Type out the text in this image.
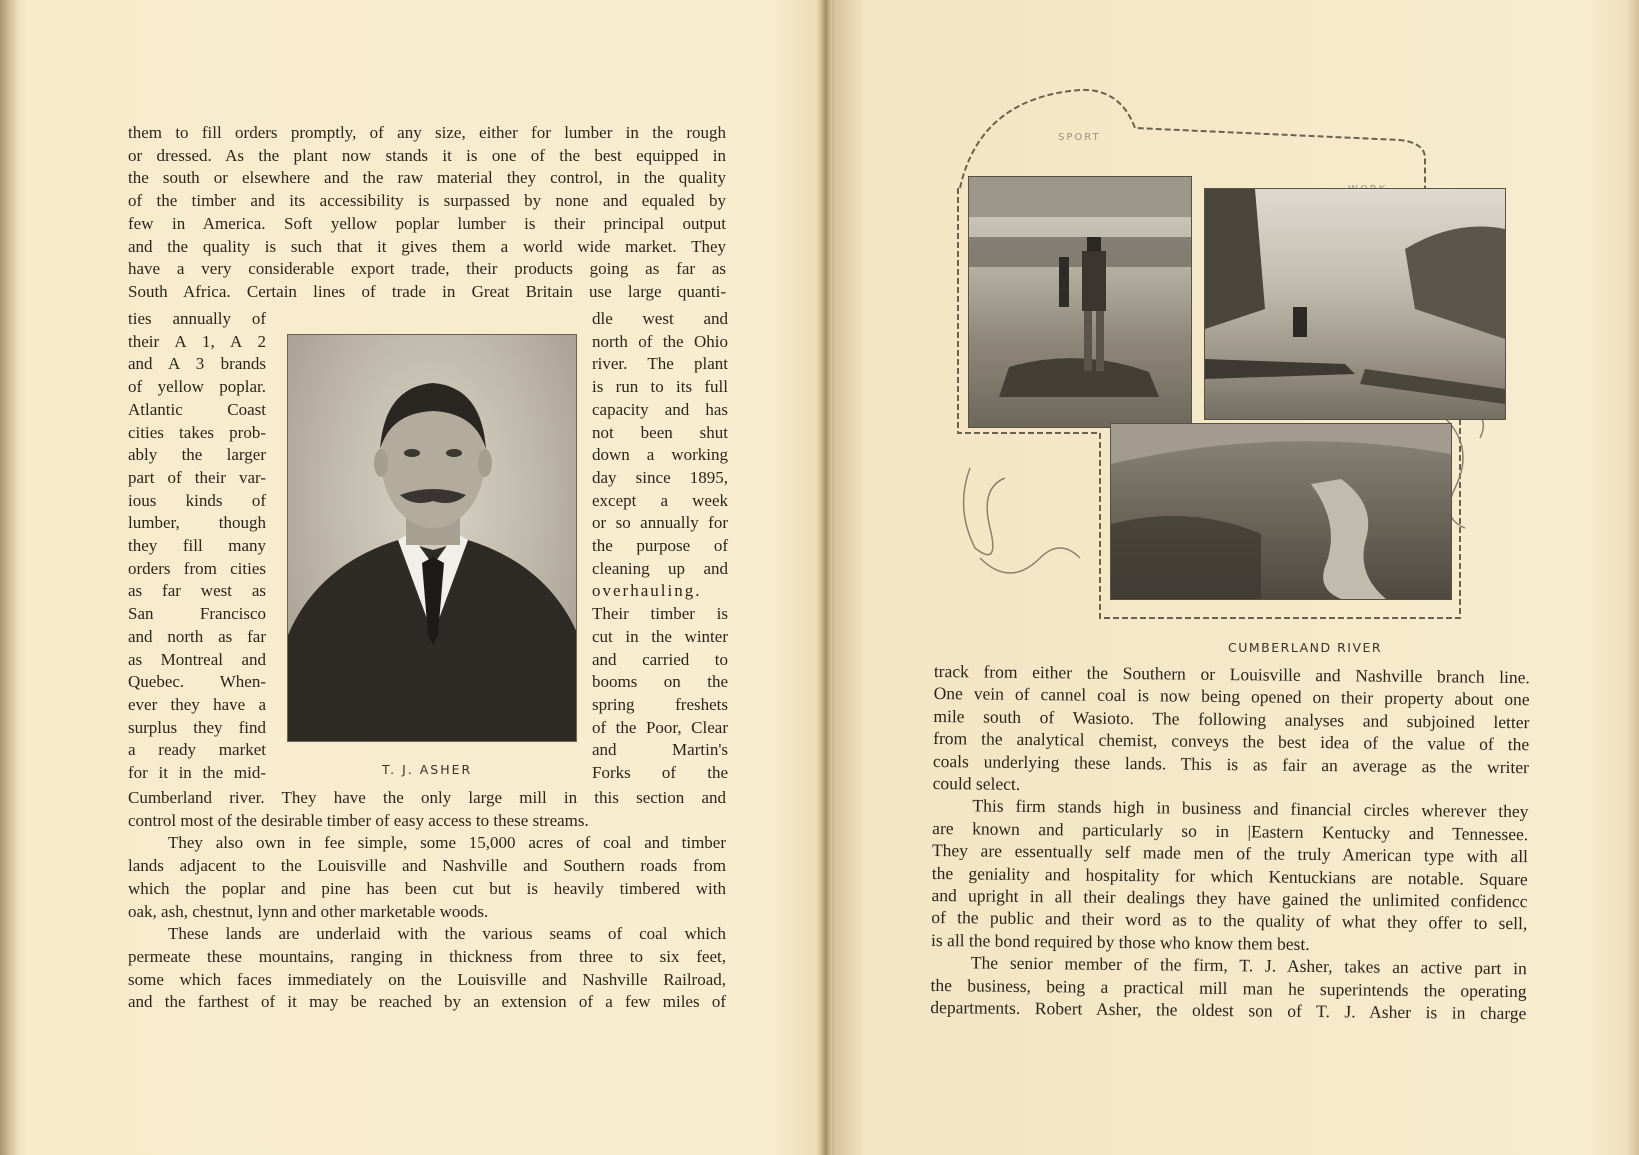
them to fill orders promptly, of any size, either for lumber in the rough
or dressed. As the plant now stands it is one of the best equipped in
the south or elsewhere and the raw material they control, in the quality
of the timber and its accessibility is surpassed by none and equaled by
few in America. Soft yellow poplar lumber is their principal output
and the quality is such that it gives them a world wide market. They
have a very considerable export trade, their products going as far as
South Africa. Certain lines of trade in Great Britain use large quanti-
ties annually of
their A 1, A 2
and A 3 brands
of yellow poplar.
Atlantic Coast
cities takes prob-
ably the larger
part of their var-
ious kinds of
lumber, though
they fill many
orders from cities
as far west as
San Francisco
and north as far
as Montreal and
Quebec. When-
ever they have a
surplus they find
a ready market
for it in the mid-
dle west and
north of the Ohio
river. The plant
is run to its full
capacity and has
not been shut
down a working
day since 1895,
except a week
or so annually for
the purpose of
cleaning up and
overhauling.
Their timber is
cut in the winter
and carried to
booms on the
spring freshets
of the Poor, Clear
and Martin's
Forks of the
T. J. ASHER
Cumberland river. They have the only large mill in this section and
control most of the desirable timber of easy access to these streams.
They also own in fee simple, some 15,000 acres of coal and timber
lands adjacent to the Louisville and Nashville and Southern roads from
which the poplar and pine has been cut but is heavily timbered with
oak, ash, chestnut, lynn and other marketable woods.
These lands are underlaid with the various seams of coal which
permeate these mountains, ranging in thickness from three to six feet,
some which faces immediately on the Louisville and Nashville Railroad,
and the farthest of it may be reached by an extension of a few miles of
SPORT
CUMBERLAND RIVER
track from either the Southern or Louisville and Nashville branch line.
One vein of cannel coal is now being opened on their property about one
mile south of Wasioto. The following analyses and subjoined letter
from the analytical chemist, conveys the best idea of the value of the
coals underlying these lands. This is as fair an average as the writer
could select.
This firm stands high in business and financial circles wherever they
are known and particularly so in |Eastern Kentucky and Tennessee.
They are essentually self made men of the truly American type with all
the geniality and hospitality for which Kentuckians are notable. Square
and upright in all their dealings they have gained the unlimited confidencc
of the public and their word as to the quality of what they offer to sell,
is all the bond required by those who know them best.
The senior member of the firm, T. J. Asher, takes an active part in
the business, being a practical mill man he superintends the operating
departments. Robert Asher, the oldest son of T. J. Asher is in charge
